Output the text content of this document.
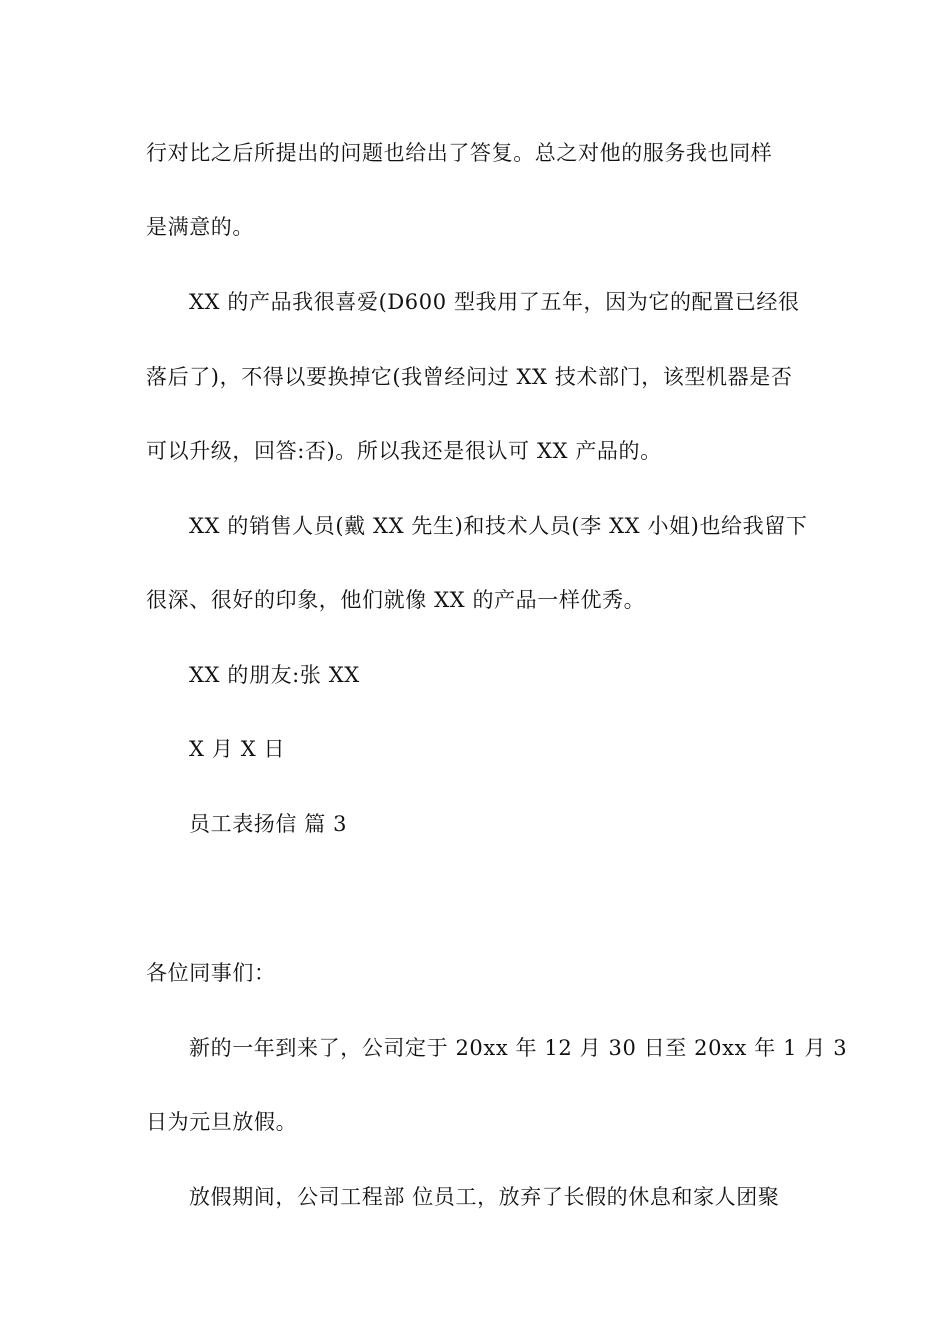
行对比之后所提出的问题也给出了答复。总之对他的服务我也同样
是满意的。
XX 的产品我很喜爱(D600 型我用了五年，因为它的配置已经很
落后了)，不得以要换掉它(我曾经问过 XX 技术部门，该型机器是否
可以升级，回答:否)。所以我还是很认可 XX 产品的。
XX 的销售人员(戴 XX 先生)和技术人员(李 XX 小姐)也给我留下
很深、很好的印象，他们就像 XX 的产品一样优秀。
XX 的朋友:张 XX
X 月 X 日
员工表扬信 篇 3
各位同事们：
新的一年到来了，公司定于 20xx 年 12 月 30 日至 20xx 年 1 月 3
日为元旦放假。
放假期间，公司工程部 位员工，放弃了长假的休息和家人团聚
